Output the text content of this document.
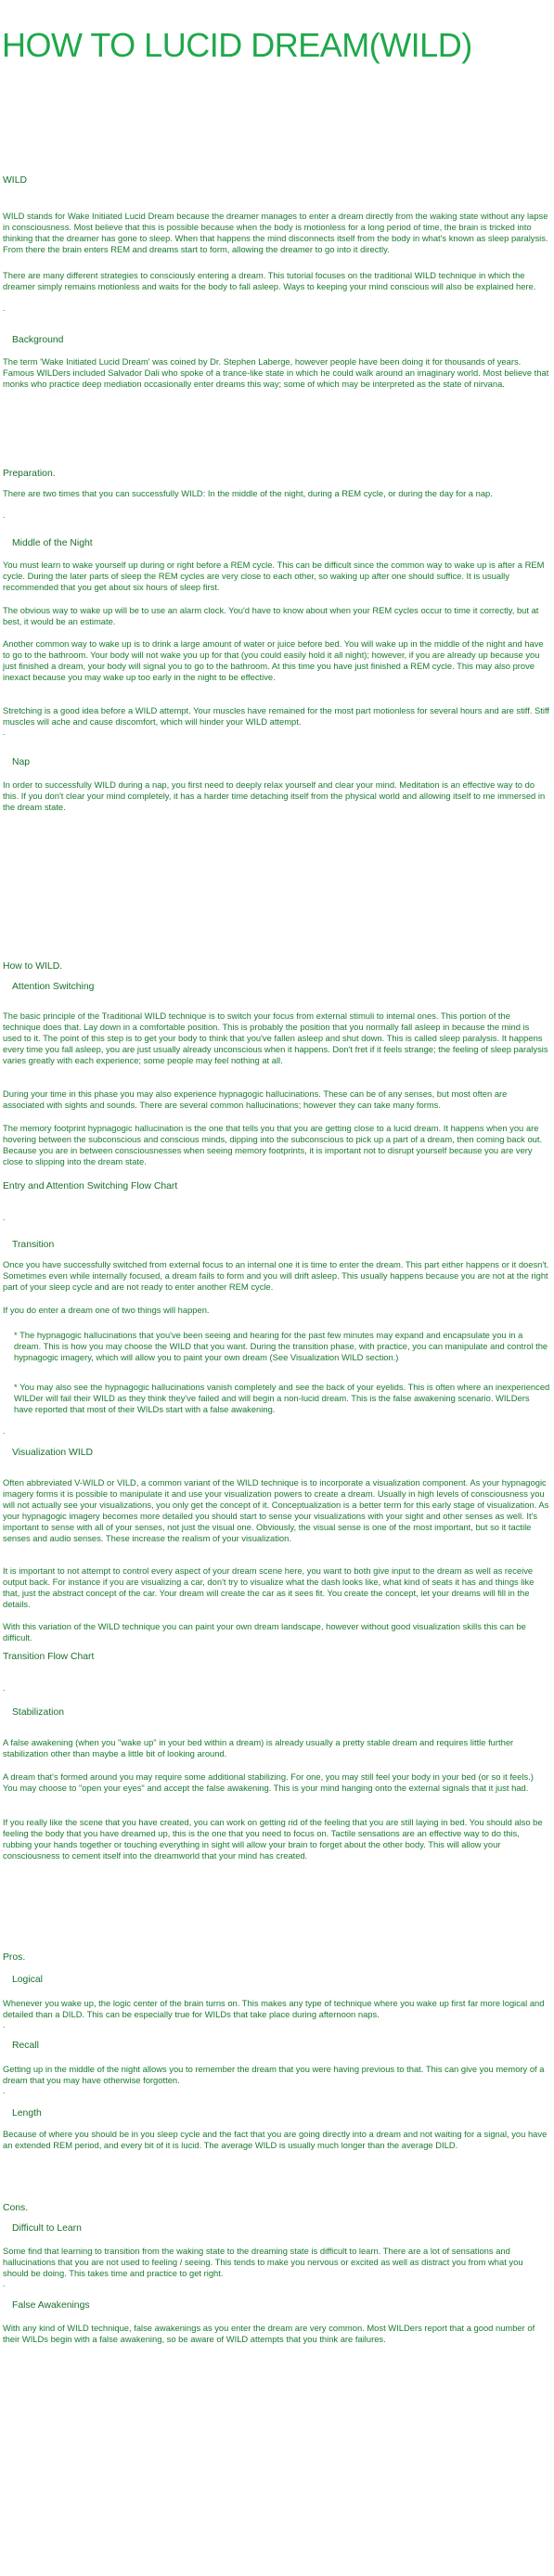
HOW TO LUCID DREAM(WILD)

WILD

WILD stands for Wake Initiated Lucid Dream because the dreamer manages to enter a dream directly from the waking state without any lapse in consciousness. Most believe that this is possible because when the body is motionless for a long period of time, the brain is tricked into thinking that the dreamer has gone to sleep. When that happens the mind disconnects itself from the body in what's known as sleep paralysis. From there the brain enters REM and dreams start to form, allowing the dreamer to go into it directly.

There are many different strategies to consciously entering a dream. This tutorial focuses on the traditional WILD technique in which the dreamer simply remains motionless and waits for the body to fall asleep. Ways to keeping your mind conscious will also be explained here.

.

Background

The term 'Wake Initiated Lucid Dream' was coined by Dr. Stephen Laberge, however people have been doing it for thousands of years. Famous WILDers included Salvador Dali who spoke of a trance-like state in which he could walk around an imaginary world. Most believe that monks who practice deep mediation occasionally enter dreams this way; some of which may be interpreted as the state of nirvana.

Preparation.

There are two times that you can successfully WILD: In the middle of the night, during a REM cycle, or during the day for a nap.

.

Middle of the Night

You must learn to wake yourself up during or right before a REM cycle. This can be difficult since the common way to wake up is after a REM cycle. During the later parts of sleep the REM cycles are very close to each other, so waking up after one should suffice. It is usually recommended that you get about six hours of sleep first.

The obvious way to wake up will be to use an alarm clock. You'd have to know about when your REM cycles occur to time it correctly, but at best, it would be an estimate.

Another common way to wake up is to drink a large amount of water or juice before bed. You will wake up in the middle of the night and have to go to the bathroom. Your body will not wake you up for that (you could easily hold it all night); however, if you are already up because you just finished a dream, your body will signal you to go to the bathroom. At this time you have just finished a REM cycle. This may also prove inexact because you may wake up too early in the night to be effective.

Stretching is a good idea before a WILD attempt. Your muscles have remained for the most part motionless for several hours and are stiff. Stiff muscles will ache and cause discomfort, which will hinder your WILD attempt.

.

Nap

In order to successfully WILD during a nap, you first need to deeply relax yourself and clear your mind. Meditation is an effective way to do this. If you don't clear your mind completely, it has a harder time detaching itself from the physical world and allowing itself to me immersed in the dream state.

How to WILD.

Attention Switching

The basic principle of the Traditional WILD technique is to switch your focus from external stimuli to internal ones. This portion of the technique does that. Lay down in a comfortable position. This is probably the position that you normally fall asleep in because the mind is used to it. The point of this step is to get your body to think that you've fallen asleep and shut down. This is called sleep paralysis. It happens every time you fall asleep, you are just usually already unconscious when it happens. Don't fret if it feels strange; the feeling of sleep paralysis varies greatly with each experience; some people may feel nothing at all.

During your time in this phase you may also experience hypnagogic hallucinations. These can be of any senses, but most often are associated with sights and sounds. There are several common hallucinations; however they can take many forms.

The memory footprint hypnagogic hallucination is the one that tells you that you are getting close to a lucid dream. It happens when you are hovering between the subconscious and conscious minds, dipping into the subconscious to pick up a part of a dream, then coming back out. Because you are in between consciousnesses when seeing memory footprints, it is important not to disrupt yourself because you are very close to slipping into the dream state.

Entry and Attention Switching Flow Chart

.

Transition

Once you have successfully switched from external focus to an internal one it is time to enter the dream. This part either happens or it doesn't. Sometimes even while internally focused, a dream fails to form and you will drift asleep. This usually happens because you are not at the right part of your sleep cycle and are not ready to enter another REM cycle.

If you do enter a dream one of two things will happen.

* The hypnagogic hallucinations that you've been seeing and hearing for the past few minutes may expand and encapsulate you in a dream. This is how you may choose the WILD that you want. During the transition phase, with practice, you can manipulate and control the hypnagogic imagery, which will allow you to paint your own dream (See Visualization WILD section.)

* You may also see the hypnagogic hallucinations vanish completely and see the back of your eyelids. This is often where an inexperienced WILDer will fail their WILD as they think they've failed and will begin a non-lucid dream. This is the false awakening scenario. WILDers have reported that most of their WILDs start with a false awakening.

.

Visualization WILD

Often abbreviated V-WILD or VILD, a common variant of the WILD technique is to incorporate a visualization component. As your hypnagogic imagery forms it is possible to manipulate it and use your visualization powers to create a dream. Usually in high levels of consciousness you will not actually see your visualizations, you only get the concept of it. Conceptualization is a better term for this early stage of visualization. As your hypnagogic imagery becomes more detailed you should start to sense your visualizations with your sight and other senses as well. It's important to sense with all of your senses, not just the visual one. Obviously, the visual sense is one of the most important, but so it tactile senses and audio senses. These increase the realism of your visualization.

It is important to not attempt to control every aspect of your dream scene here, you want to both give input to the dream as well as receive output back. For instance if you are visualizing a car, don't try to visualize what the dash looks like, what kind of seats it has and things like that, just the abstract concept of the car. Your dream will create the car as it sees fit. You create the concept, let your dreams will fill in the details.

With this variation of the WILD technique you can paint your own dream landscape, however without good visualization skills this can be difficult.

Transition Flow Chart

.

Stabilization

A false awakening (when you "wake up" in your bed within a dream) is already usually a pretty stable dream and requires little further stabilization other than maybe a little bit of looking around.

A dream that's formed around you may require some additional stabilizing. For one, you may still feel your body in your bed (or so it feels.) You may choose to "open your eyes" and accept the false awakening. This is your mind hanging onto the external signals that it just had.

If you really like the scene that you have created, you can work on getting rid of the feeling that you are still laying in bed. You should also be feeling the body that you have dreamed up, this is the one that you need to focus on. Tactile sensations are an effective way to do this, rubbing your hands together or touching everything in sight will allow your brain to forget about the other body. This will allow your consciousness to cement itself into the dreamworld that your mind has created.

Pros.

Logical

Whenever you wake up, the logic center of the brain turns on. This makes any type of technique where you wake up first far more logical and detailed than a DILD. This can be especially true for WILDs that take place during afternoon naps.

.

Recall

Getting up in the middle of the night allows you to remember the dream that you were having previous to that. This can give you memory of a dream that you may have otherwise forgotten.

.

Length

Because of where you should be in you sleep cycle and the fact that you are going directly into a dream and not waiting for a signal, you have an extended REM period, and every bit of it is lucid. The average WILD is usually much longer than the average DILD.

Cons.

Difficult to Learn

Some find that learning to transition from the waking state to the dreaming state is difficult to learn. There are a lot of sensations and hallucinations that you are not used to feeling / seeing. This tends to make you nervous or excited as well as distract you from what you should be doing. This takes time and practice to get right.

.

False Awakenings

With any kind of WILD technique, false awakenings as you enter the dream are very common. Most WILDers report that a good number of their WILDs begin with a false awakening, so be aware of WILD attempts that you think are failures.
